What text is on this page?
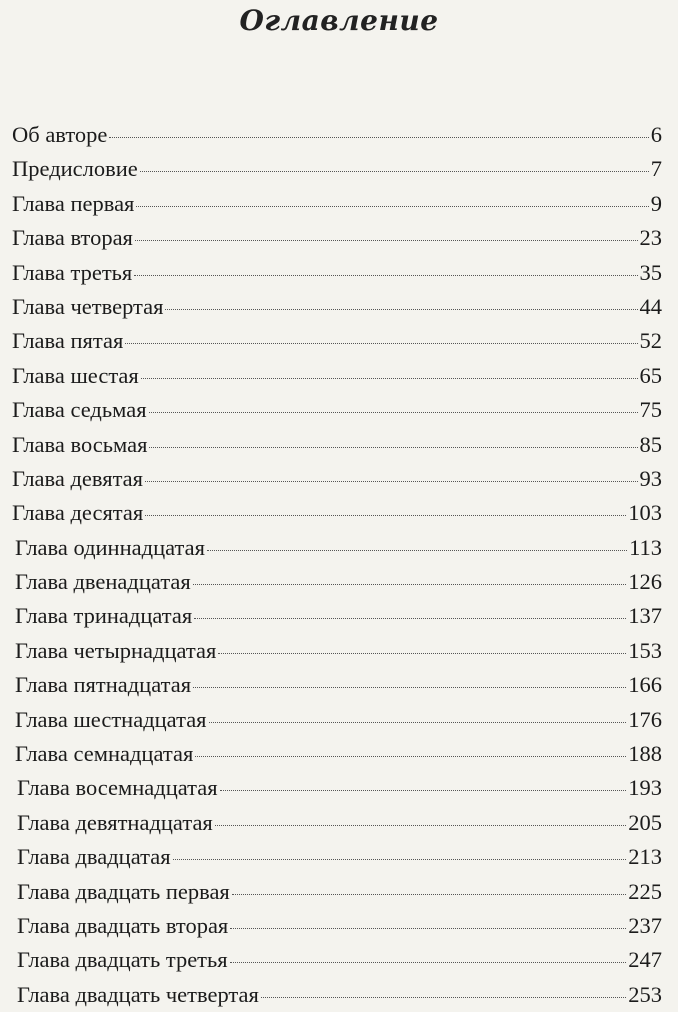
Оглавление
Об авторе	6
Предисловие	7
Глава первая	9
Глава вторая	23
Глава третья	35
Глава четвертая	44
Глава пятая	52
Глава шестая	65
Глава седьмая	75
Глава восьмая	85
Глава девятая	93
Глава десятая	103
Глава одиннадцатая	113
Глава двенадцатая	126
Глава тринадцатая	137
Глава четырнадцатая	153
Глава пятнадцатая	166
Глава шестнадцатая	176
Глава семнадцатая	188
Глава восемнадцатая	193
Глава девятнадцатая	205
Глава двадцатая	213
Глава двадцать первая	225
Глава двадцать вторая	237
Глава двадцать третья	247
Глава двадцать четвертая	253
